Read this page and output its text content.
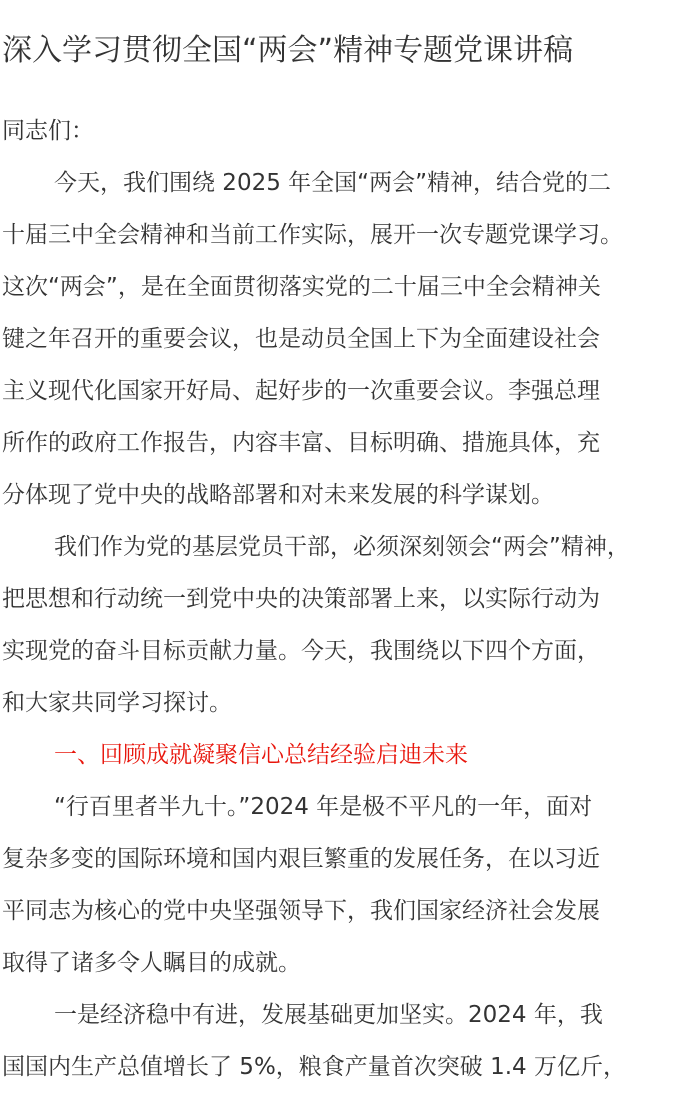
深入学习贯彻全国“两会”精神专题党课讲稿
同志们：
今天，我们围绕 2025 年全国“两会”精神，结合党的二
十届三中全会精神和当前工作实际，展开一次专题党课学习。
这次“两会”，是在全面贯彻落实党的二十届三中全会精神关
键之年召开的重要会议，也是动员全国上下为全面建设社会
主义现代化国家开好局、起好步的一次重要会议。李强总理
所作的政府工作报告，内容丰富、目标明确、措施具体，充
分体现了党中央的战略部署和对未来发展的科学谋划。
我们作为党的基层党员干部，必须深刻领会“两会”精神，
把思想和行动统一到党中央的决策部署上来，以实际行动为
实现党的奋斗目标贡献力量。今天，我围绕以下四个方面，
和大家共同学习探讨。
一、回顾成就凝聚信心总结经验启迪未来
“行百里者半九十。”2024 年是极不平凡的一年，面对
复杂多变的国际环境和国内艰巨繁重的发展任务，在以习近
平同志为核心的党中央坚强领导下，我们国家经济社会发展
取得了诸多令人瞩目的成就。
一是经济稳中有进，发展基础更加坚实。2024 年，我
国国内生产总值增长了 5%，粮食产量首次突破 1.4 万亿斤，
